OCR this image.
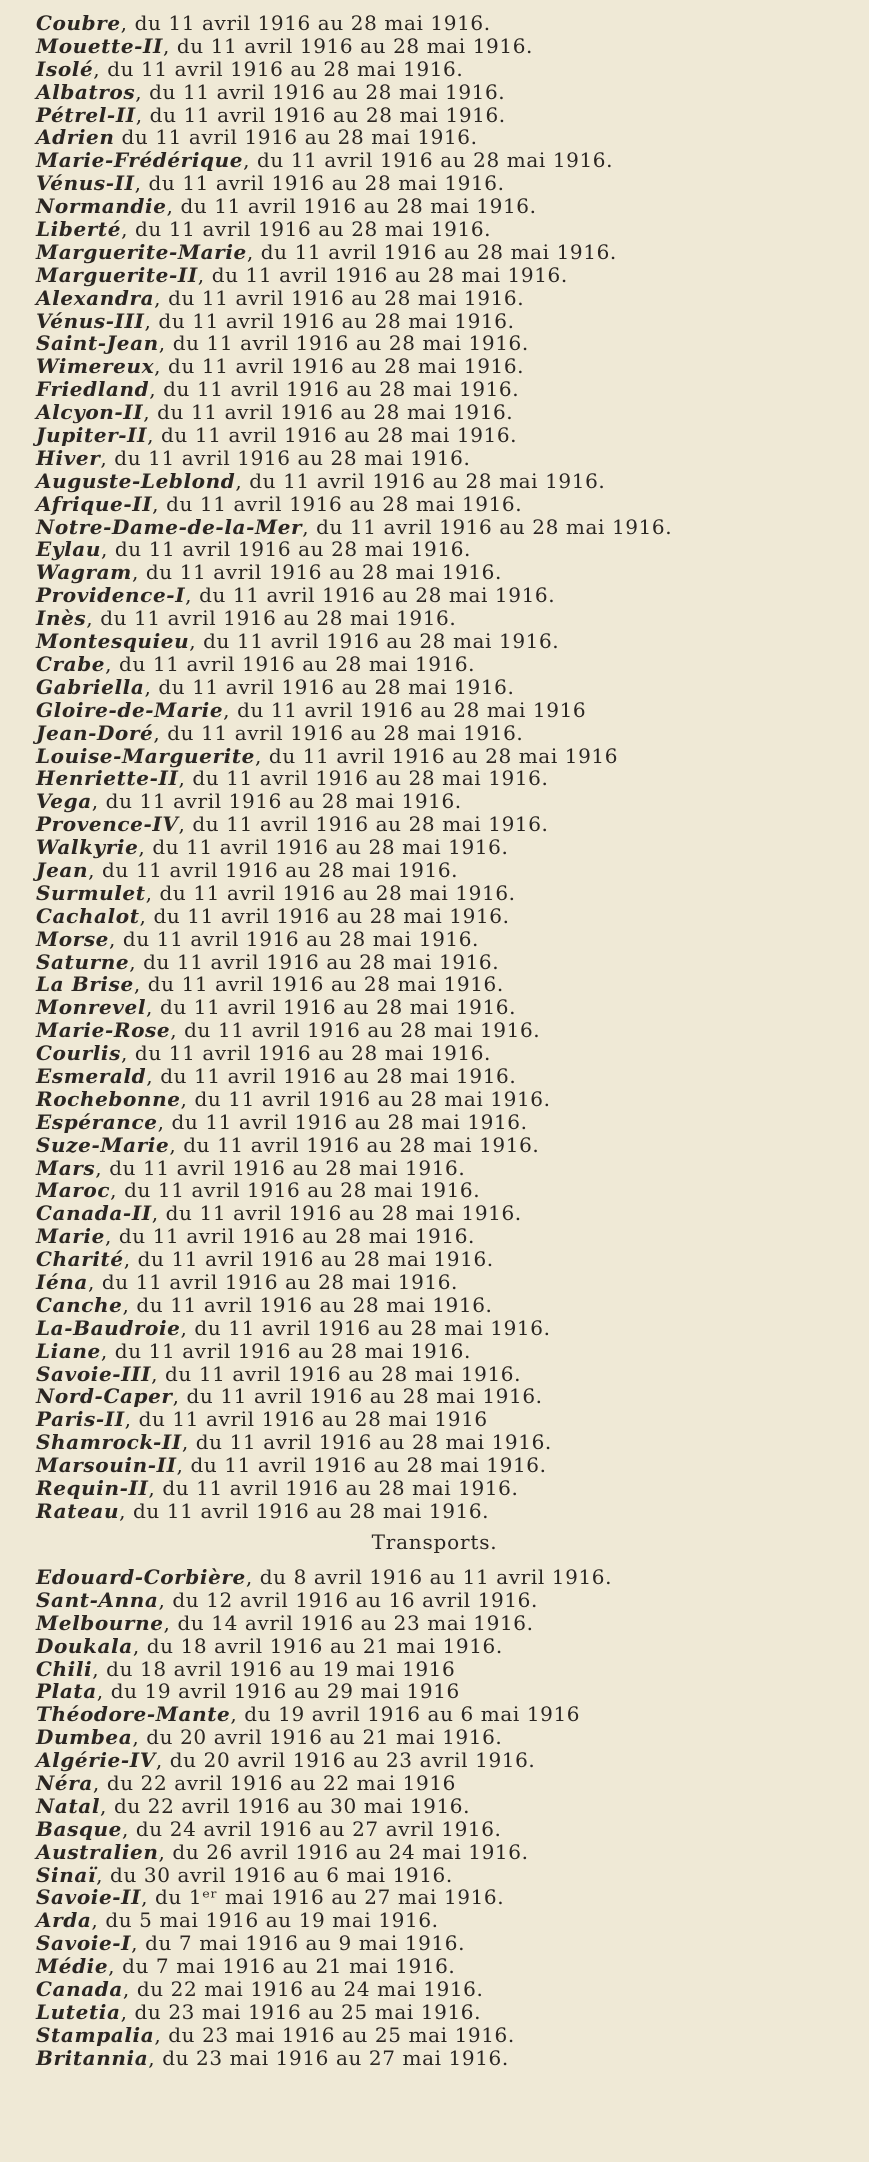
Coubre, du 11 avril 1916 au 28 mai 1916.
Mouette-II, du 11 avril 1916 au 28 mai 1916.
Isolé, du 11 avril 1916 au 28 mai 1916.
Albatros, du 11 avril 1916 au 28 mai 1916.
Pétrel-II, du 11 avril 1916 au 28 mai 1916.
Adrien du 11 avril 1916 au 28 mai 1916.
Marie-Frédérique, du 11 avril 1916 au 28 mai 1916.
Vénus-II, du 11 avril 1916 au 28 mai 1916.
Normandie, du 11 avril 1916 au 28 mai 1916.
Liberté, du 11 avril 1916 au 28 mai 1916.
Marguerite-Marie, du 11 avril 1916 au 28 mai 1916.
Marguerite-II, du 11 avril 1916 au 28 mai 1916.
Alexandra, du 11 avril 1916 au 28 mai 1916.
Vénus-III, du 11 avril 1916 au 28 mai 1916.
Saint-Jean, du 11 avril 1916 au 28 mai 1916.
Wimereux, du 11 avril 1916 au 28 mai 1916.
Friedland, du 11 avril 1916 au 28 mai 1916.
Alcyon-II, du 11 avril 1916 au 28 mai 1916.
Jupiter-II, du 11 avril 1916 au 28 mai 1916.
Hiver, du 11 avril 1916 au 28 mai 1916.
Auguste-Leblond, du 11 avril 1916 au 28 mai 1916.
Afrique-II, du 11 avril 1916 au 28 mai 1916.
Notre-Dame-de-la-Mer, du 11 avril 1916 au 28 mai 1916.
Eylau, du 11 avril 1916 au 28 mai 1916.
Wagram, du 11 avril 1916 au 28 mai 1916.
Providence-I, du 11 avril 1916 au 28 mai 1916.
Inès, du 11 avril 1916 au 28 mai 1916.
Montesquieu, du 11 avril 1916 au 28 mai 1916.
Crabe, du 11 avril 1916 au 28 mai 1916.
Gabriella, du 11 avril 1916 au 28 mai 1916.
Gloire-de-Marie, du 11 avril 1916 au 28 mai 1916
Jean-Doré, du 11 avril 1916 au 28 mai 1916.
Louise-Marguerite, du 11 avril 1916 au 28 mai 1916
Henriette-II, du 11 avril 1916 au 28 mai 1916.
Vega, du 11 avril 1916 au 28 mai 1916.
Provence-IV, du 11 avril 1916 au 28 mai 1916.
Walkyrie, du 11 avril 1916 au 28 mai 1916.
Jean, du 11 avril 1916 au 28 mai 1916.
Surmulet, du 11 avril 1916 au 28 mai 1916.
Cachalot, du 11 avril 1916 au 28 mai 1916.
Morse, du 11 avril 1916 au 28 mai 1916.
Saturne, du 11 avril 1916 au 28 mai 1916.
La Brise, du 11 avril 1916 au 28 mai 1916.
Monrevel, du 11 avril 1916 au 28 mai 1916.
Marie-Rose, du 11 avril 1916 au 28 mai 1916.
Courlis, du 11 avril 1916 au 28 mai 1916.
Esmerald, du 11 avril 1916 au 28 mai 1916.
Rochebonne, du 11 avril 1916 au 28 mai 1916.
Espérance, du 11 avril 1916 au 28 mai 1916.
Suze-Marie, du 11 avril 1916 au 28 mai 1916.
Mars, du 11 avril 1916 au 28 mai 1916.
Maroc, du 11 avril 1916 au 28 mai 1916.
Canada-II, du 11 avril 1916 au 28 mai 1916.
Marie, du 11 avril 1916 au 28 mai 1916.
Charité, du 11 avril 1916 au 28 mai 1916.
Iéna, du 11 avril 1916 au 28 mai 1916.
Canche, du 11 avril 1916 au 28 mai 1916.
La-Baudroie, du 11 avril 1916 au 28 mai 1916.
Liane, du 11 avril 1916 au 28 mai 1916.
Savoie-III, du 11 avril 1916 au 28 mai 1916.
Nord-Caper, du 11 avril 1916 au 28 mai 1916.
Paris-II, du 11 avril 1916 au 28 mai 1916
Shamrock-II, du 11 avril 1916 au 28 mai 1916.
Marsouin-II, du 11 avril 1916 au 28 mai 1916.
Requin-II, du 11 avril 1916 au 28 mai 1916.
Rateau, du 11 avril 1916 au 28 mai 1916.
Transports.
Edouard-Corbière, du 8 avril 1916 au 11 avril 1916.
Sant-Anna, du 12 avril 1916 au 16 avril 1916.
Melbourne, du 14 avril 1916 au 23 mai 1916.
Doukala, du 18 avril 1916 au 21 mai 1916.
Chili, du 18 avril 1916 au 19 mai 1916
Plata, du 19 avril 1916 au 29 mai 1916
Théodore-Mante, du 19 avril 1916 au 6 mai 1916
Dumbea, du 20 avril 1916 au 21 mai 1916.
Algérie-IV, du 20 avril 1916 au 23 avril 1916.
Néra, du 22 avril 1916 au 22 mai 1916
Natal, du 22 avril 1916 au 30 mai 1916.
Basque, du 24 avril 1916 au 27 avril 1916.
Australien, du 26 avril 1916 au 24 mai 1916.
Sinaï, du 30 avril 1916 au 6 mai 1916.
Savoie-II, du 1ᵉʳ mai 1916 au 27 mai 1916.
Arda, du 5 mai 1916 au 19 mai 1916.
Savoie-I, du 7 mai 1916 au 9 mai 1916.
Médie, du 7 mai 1916 au 21 mai 1916.
Canada, du 22 mai 1916 au 24 mai 1916.
Lutetia, du 23 mai 1916 au 25 mai 1916.
Stampalia, du 23 mai 1916 au 25 mai 1916.
Britannia, du 23 mai 1916 au 27 mai 1916.
